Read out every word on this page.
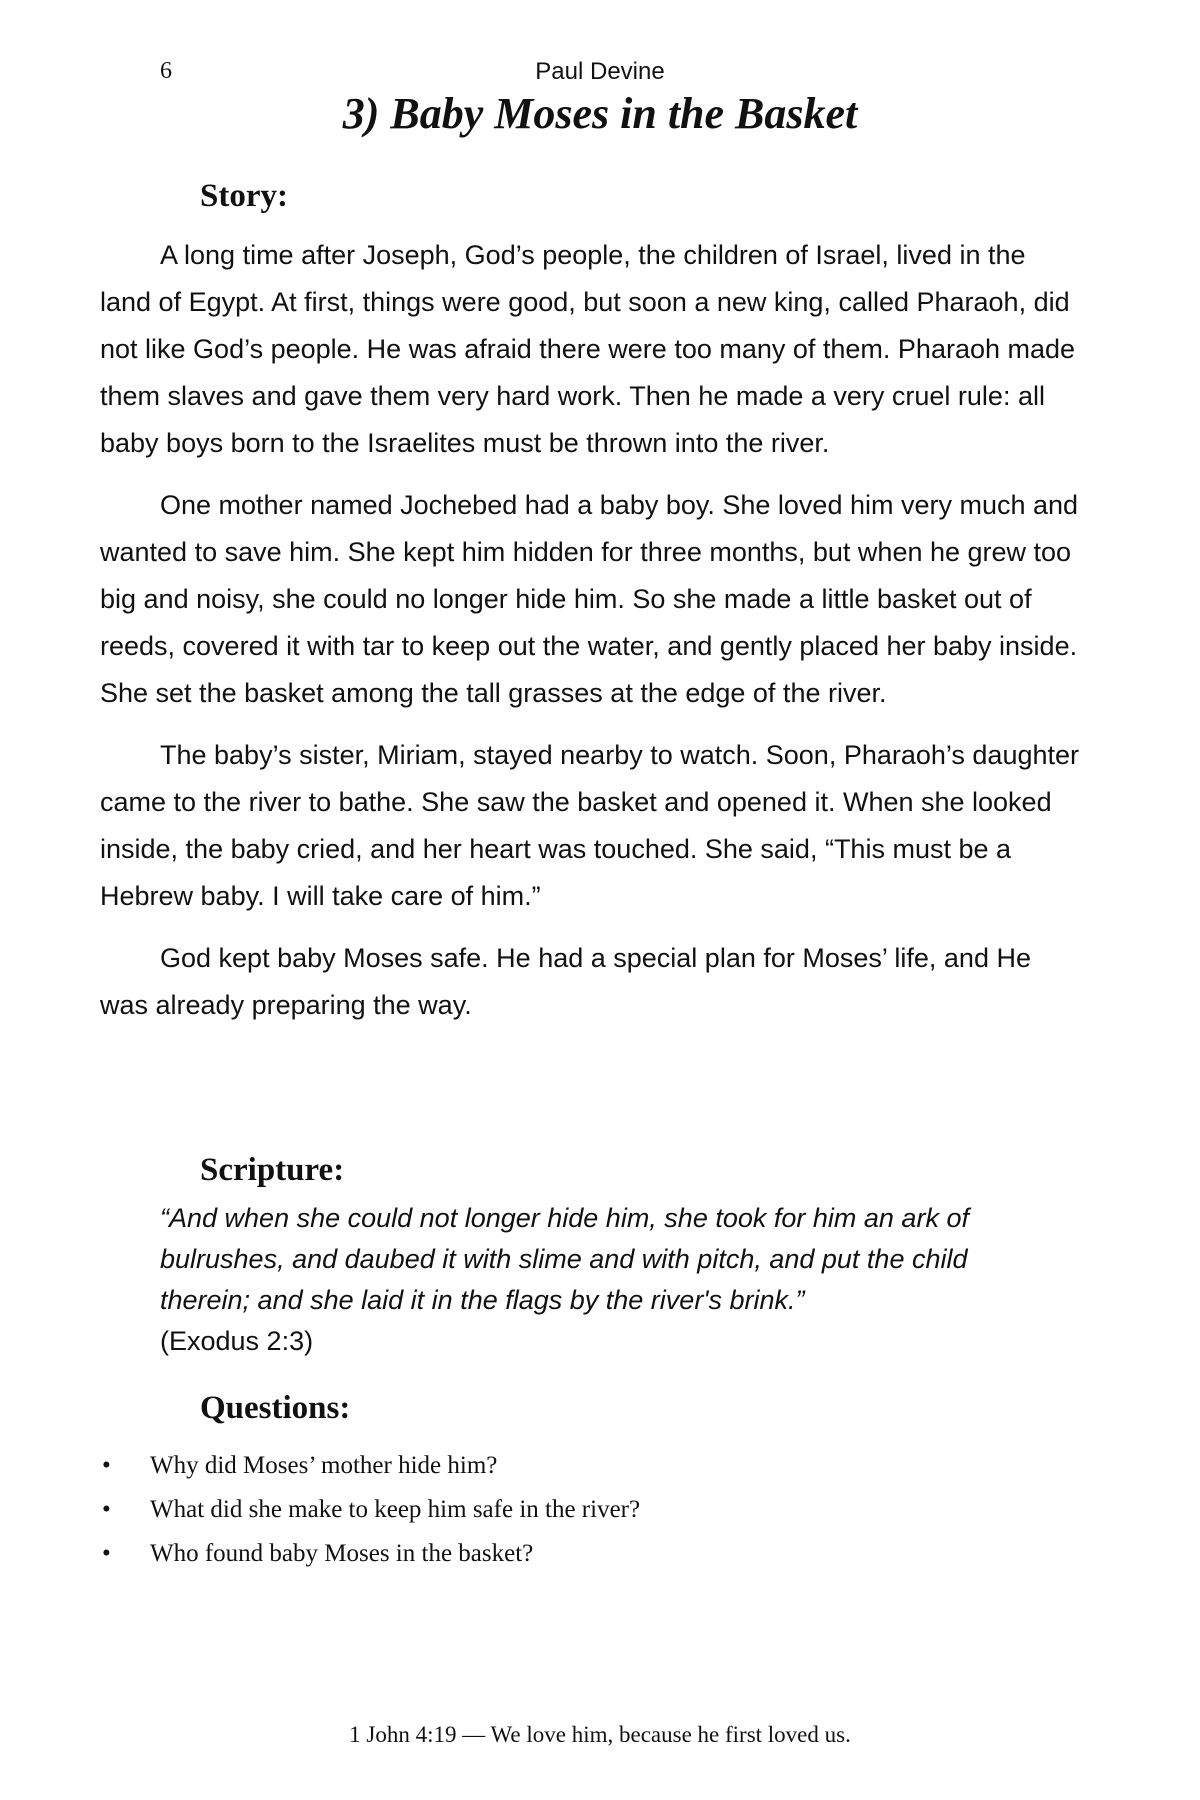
6	Paul Devine
3) Baby Moses in the Basket
Story:

A long time after Joseph, God’s people, the children of Israel, lived in the land of Egypt. At first, things were good, but soon a new king, called Pharaoh, did not like God’s people. He was afraid there were too many of them. Pharaoh made them slaves and gave them very hard work. Then he made a very cruel rule: all baby boys born to the Israelites must be thrown into the river.

One mother named Jochebed had a baby boy. She loved him very much and wanted to save him. She kept him hidden for three months, but when he grew too big and noisy, she could no longer hide him. So she made a little basket out of reeds, covered it with tar to keep out the water, and gently placed her baby inside. She set the basket among the tall grasses at the edge of the river.

The baby’s sister, Miriam, stayed nearby to watch. Soon, Pharaoh’s daughter came to the river to bathe. She saw the basket and opened it. When she looked inside, the baby cried, and her heart was touched. She said, “This must be a Hebrew baby. I will take care of him.”

God kept baby Moses safe. He had a special plan for Moses’ life, and He was already preparing the way.

Scripture:
“And when she could not longer hide him, she took for him an ark of bulrushes, and daubed it with slime and with pitch, and put the child therein; and she laid it in the flags by the river's brink.”
(Exodus 2:3)
Questions:
• Why did Moses’ mother hide him?
• What did she make to keep him safe in the river?
• Who found baby Moses in the basket?
1 John 4:19 — We love him, because he first loved us.
